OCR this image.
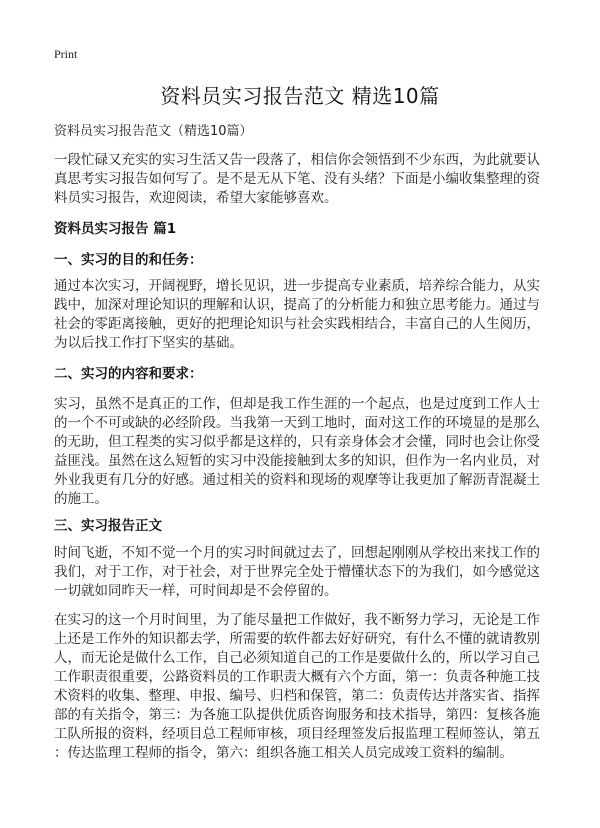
Print
资料员实习报告范文 精选10篇
资料员实习报告范文（精选10篇）
一段忙碌又充实的实习生活又告一段落了，相信你会领悟到不少东西，为此就要认
真思考实习报告如何写了。是不是无从下笔、没有头绪？下面是小编收集整理的资
料员实习报告，欢迎阅读，希望大家能够喜欢。
资料员实习报告 篇1
一、实习的目的和任务：
通过本次实习，开阔视野，增长见识，进一步提高专业素质，培养综合能力，从实
践中，加深对理论知识的理解和认识，提高了的分析能力和独立思考能力。通过与
社会的零距离接触，更好的把理论知识与社会实践相结合，丰富自己的人生阅历，
为以后找工作打下坚实的基础。
二、实习的内容和要求：
实习，虽然不是真正的工作，但却是我工作生涯的一个起点，也是过度到工作人士
的一个不可或缺的必经阶段。当我第一天到工地时，面对这工作的环境显的是那么
的无助，但工程类的实习似乎都是这样的，只有亲身体会才会懂，同时也会让你受
益匪浅。虽然在这么短暂的实习中没能接触到太多的知识，但作为一名内业员，对
外业我更有几分的好感。通过相关的资料和现场的观摩等让我更加了解沥青混凝土
的施工。
三、实习报告正文
时间飞逝，不知不觉一个月的实习时间就过去了，回想起刚刚从学校出来找工作的
我们，对于工作，对于社会，对于世界完全处于懵懂状态下的为我们，如今感觉这
一切就如同昨天一样，可时间却是不会停留的。
在实习的这一个月时间里，为了能尽量把工作做好，我不断努力学习，无论是工作
上还是工作外的知识都去学，所需要的软件都去好好研究，有什么不懂的就请教别
人，而无论是做什么工作，自己必须知道自己的工作是要做什么的，所以学习自己
工作职责很重要，公路资料员的工作职责大概有六个方面，第一：负责各种施工技
术资料的收集、整理、申报、编号、归档和保管，第二：负责传达并落实省、指挥
部的有关指令，第三：为各施工队提供优质咨询服务和技术指导，第四：复核各施
工队所报的资料，经项目总工程师审核，项目经理签发后报监理工程师签认，第五
：传达监理工程师的指令，第六：组织各施工相关人员完成竣工资料的编制。
